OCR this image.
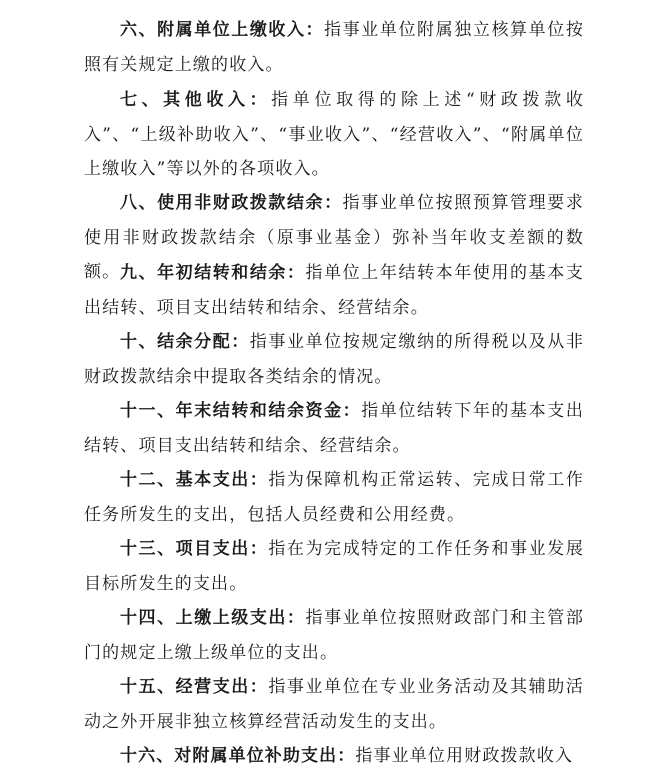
六、附属单位上缴收入：指事业单位附属独立核算单位按照有关规定上缴的收入。

七、其他收入：指单位取得的除上述“财政拨款收入”、“上级补助收入”、“事业收入”、“经营收入”、“附属单位上缴收入”等以外的各项收入。

八、使用非财政拨款结余：指事业单位按照预算管理要求使用非财政拨款结余（原事业基金）弥补当年收支差额的数额。 九、年初结转和结余：指单位上年结转本年使用的基本支出结转、项目支出结转和结余、经营结余。

十、结余分配：指事业单位按规定缴纳的所得税以及从非财政拨款结余中提取各类结余的情况。

十一、年末结转和结余资金：指单位结转下年的基本支出结转、项目支出结转和结余、经营结余。

十二、基本支出：指为保障机构正常运转、完成日常工作任务所发生的支出，包括人员经费和公用经费。

十三、项目支出：指在为完成特定的工作任务和事业发展目标所发生的支出。

十四、上缴上级支出：指事业单位按照财政部门和主管部门的规定上缴上级单位的支出。

十五、经营支出：指事业单位在专业业务活动及其辅助活动之外开展非独立核算经营活动发生的支出。

十六、对附属单位补助支出：指事业单位用财政拨款收入
